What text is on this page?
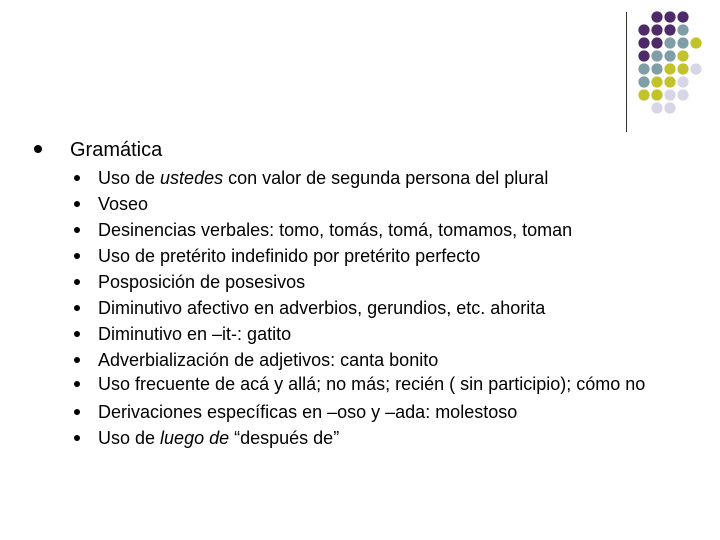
Gramática
Uso de ustedes con valor de segunda persona del plural
Voseo
Desinencias verbales: tomo, tomás, tomá, tomamos, toman
Uso de pretérito indefinido por pretérito perfecto
Posposición de posesivos
Diminutivo afectivo en adverbios, gerundios, etc. ahorita
Diminutivo en –it-: gatito
Adverbialización de adjetivos: canta bonito
Uso frecuente de acá y allá; no más; recién ( sin participio); cómo no
Derivaciones específicas en –oso y –ada: molestoso
Uso de luego de “después de”
